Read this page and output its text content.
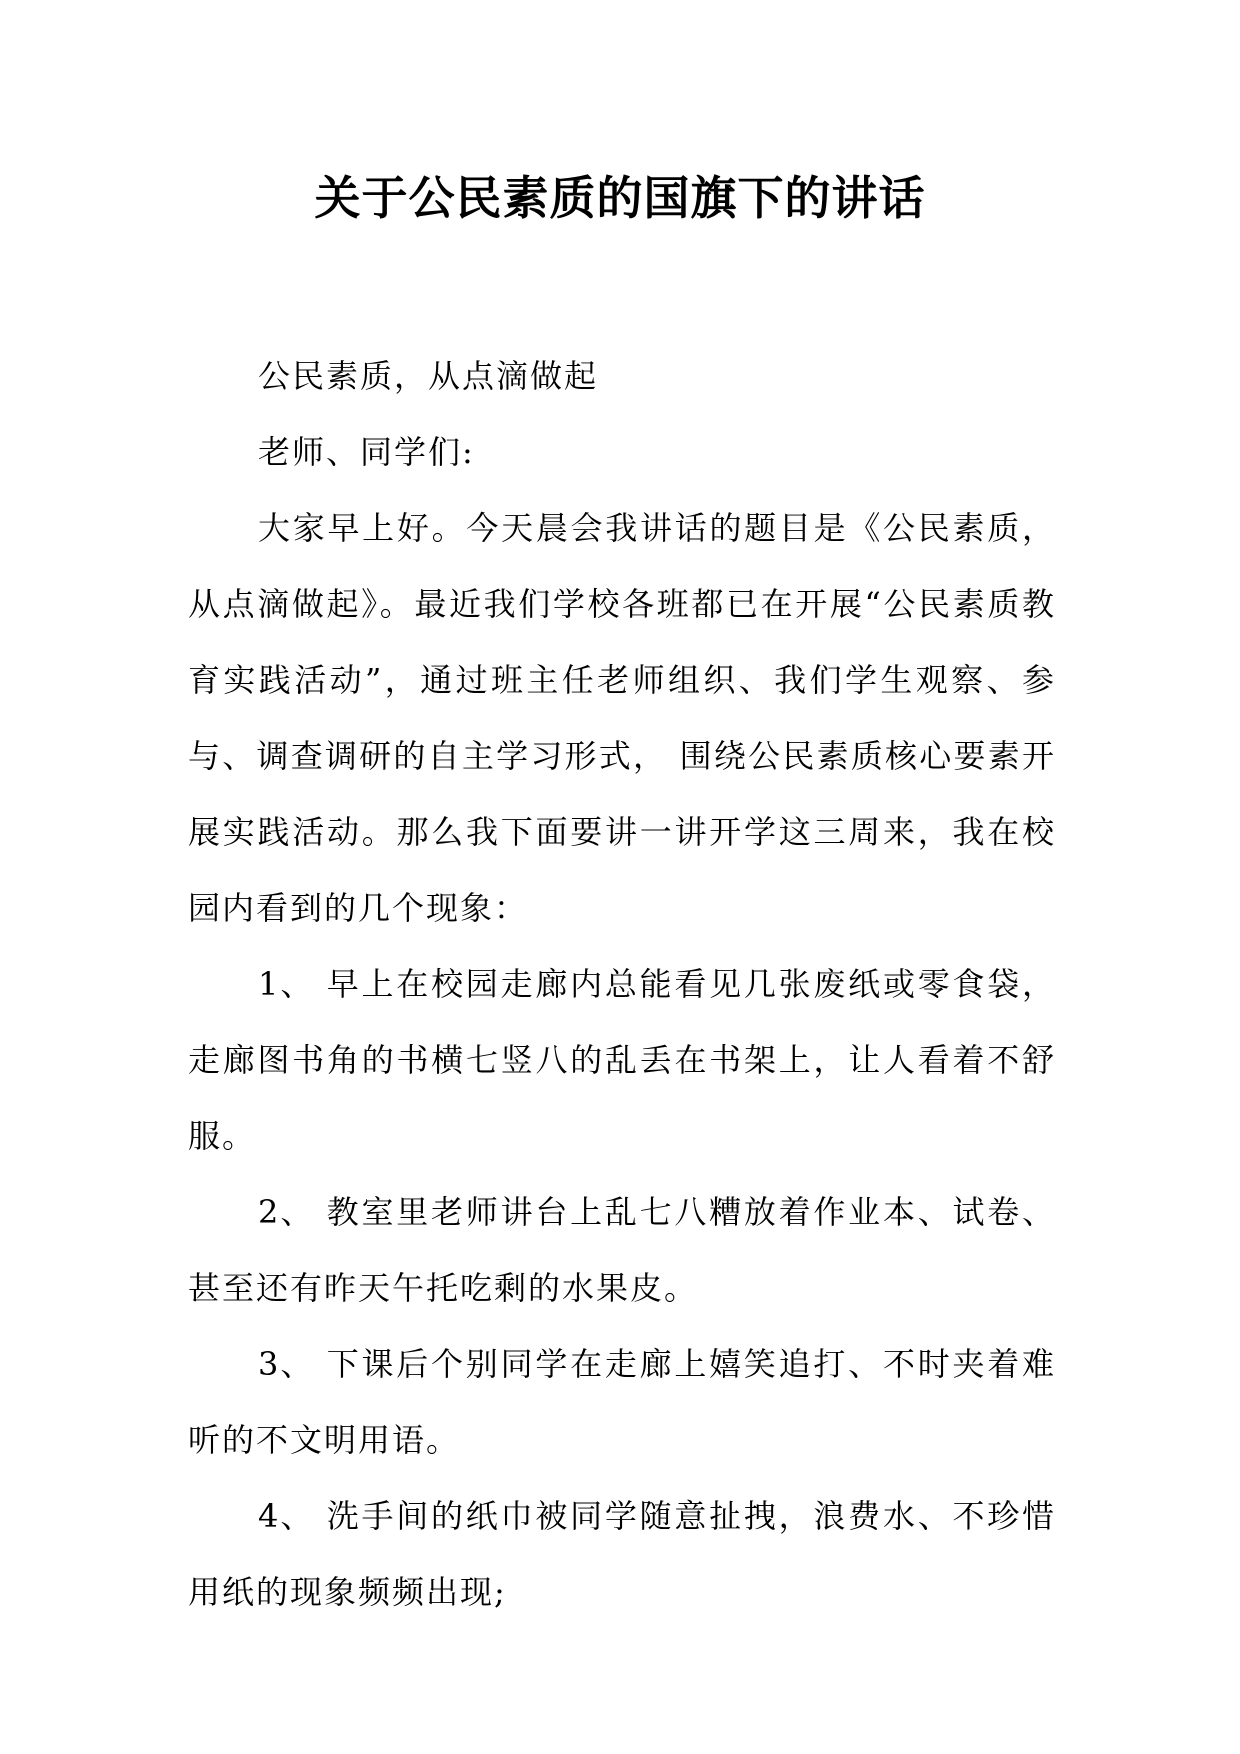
关于公民素质的国旗下的讲话

公民素质，从点滴做起

老师、同学们:

大家早上好。今天晨会我讲话的题目是《公民素质，从点滴做起》。最近我们学校各班都已在开展“公民素质教育实践活动”，通过班主任老师组织、我们学生观察、参与、调查调研的自主学习形式， 围绕公民素质核心要素开展实践活动。那么我下面要讲一讲开学这三周来，我在校园内看到的几个现象：

1、 早上在校园走廊内总能看见几张废纸或零食袋，走廊图书角的书横七竖八的乱丢在书架上，让人看着不舒服。

2、 教室里老师讲台上乱七八糟放着作业本、试卷、甚至还有昨天午托吃剩的水果皮。

3、 下课后个别同学在走廊上嬉笑追打、不时夹着难听的不文明用语。

4、 洗手间的纸巾被同学随意扯拽，浪费水、不珍惜用纸的现象频频出现;
